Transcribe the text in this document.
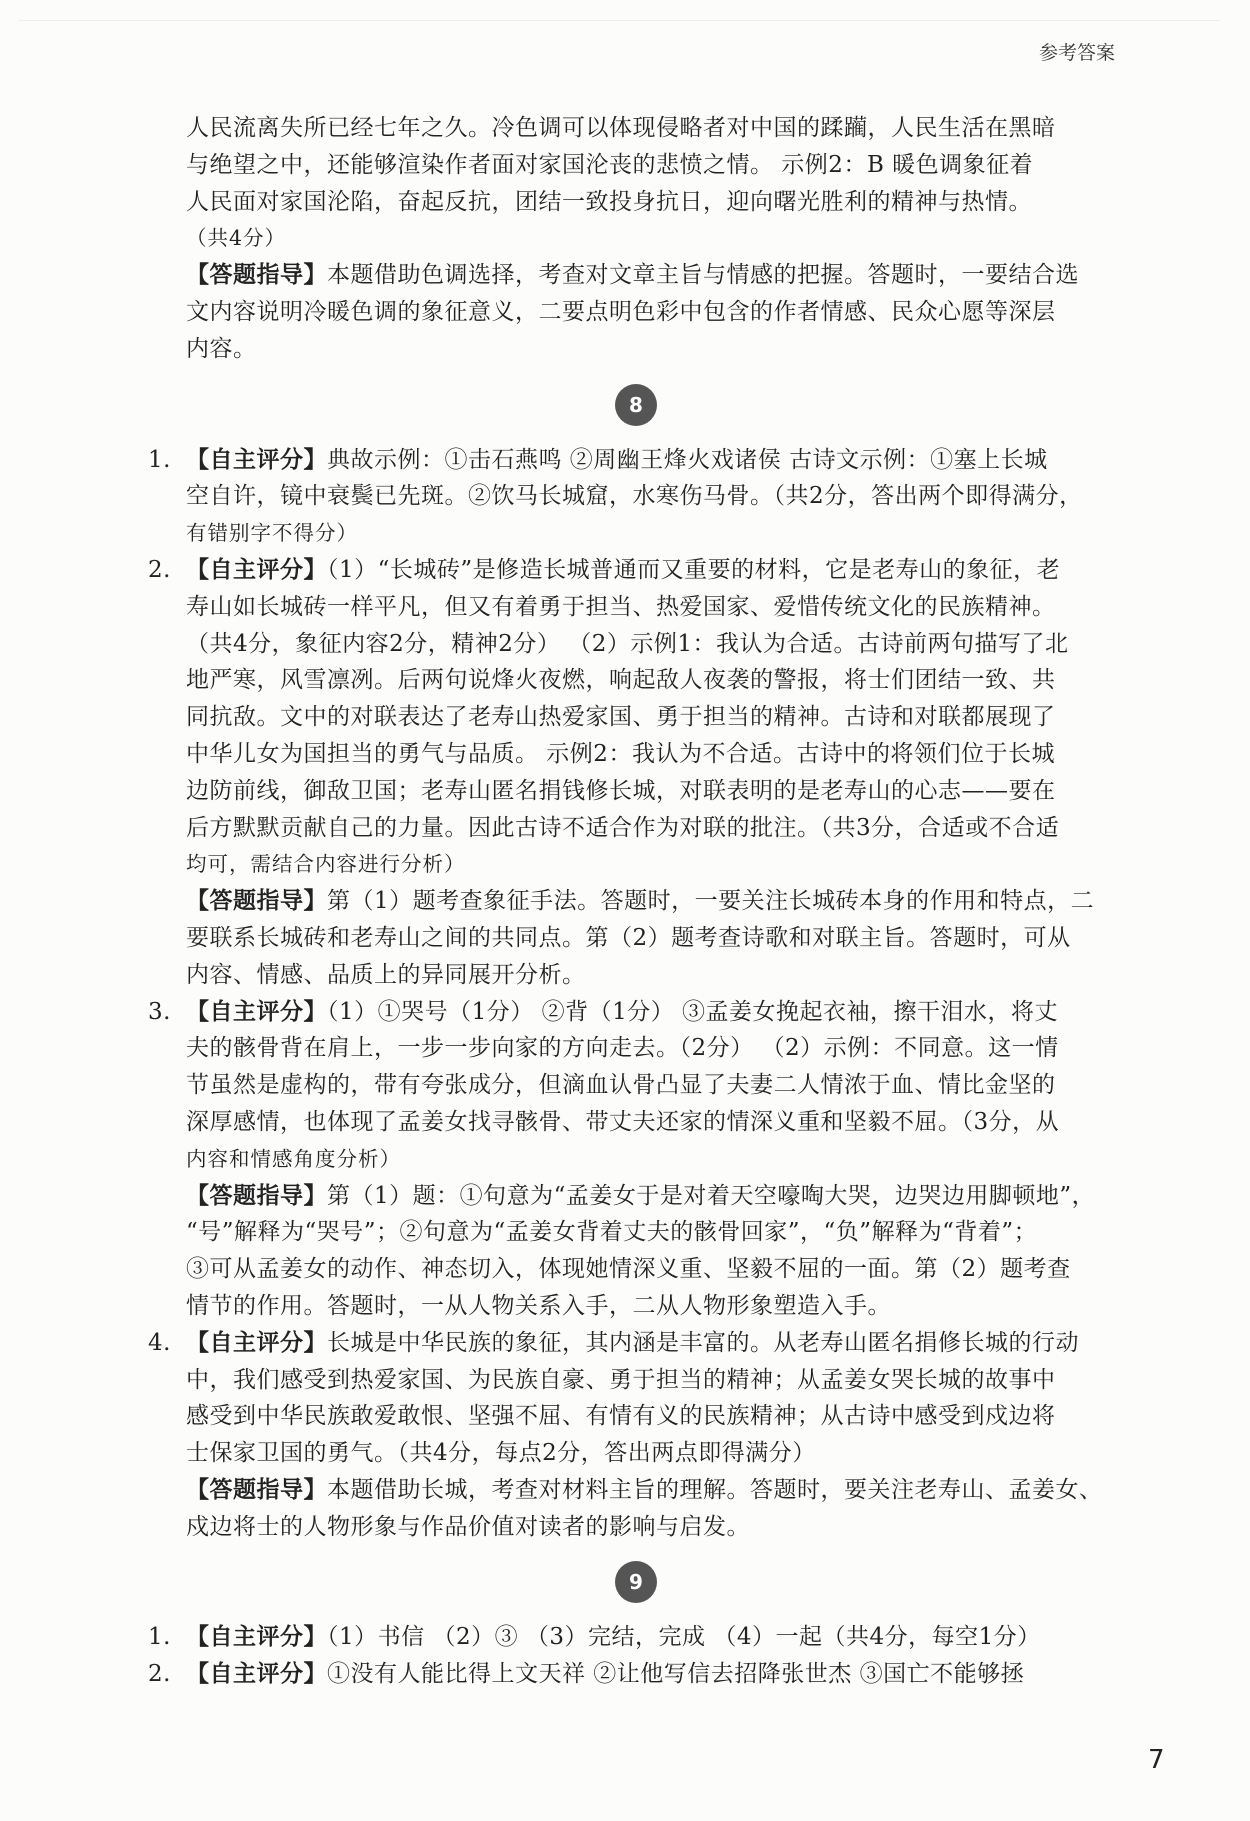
参考答案
人民流离失所已经七年之久。冷色调可以体现侵略者对中国的蹂躏，人民生活在黑暗
与绝望之中，还能够渲染作者面对家国沦丧的悲愤之情。 示例2：B 暖色调象征着
人民面对家国沦陷，奋起反抗，团结一致投身抗日，迎向曙光胜利的精神与热情。
（共4分）
【答题指导】本题借助色调选择，考查对文章主旨与情感的把握。答题时，一要结合选
文内容说明冷暖色调的象征意义，二要点明色彩中包含的作者情感、民众心愿等深层
内容。
8
1. 【自主评分】典故示例：①击石燕鸣 ②周幽王烽火戏诸侯 古诗文示例：①塞上长城
空自许，镜中衰鬓已先斑。②饮马长城窟，水寒伤马骨。（共2分，答出两个即得满分，
有错别字不得分）
2. 【自主评分】（1）“长城砖”是修造长城普通而又重要的材料，它是老寿山的象征，老
寿山如长城砖一样平凡，但又有着勇于担当、热爱国家、爱惜传统文化的民族精神。
（共4分，象征内容2分，精神2分） （2）示例1：我认为合适。古诗前两句描写了北
地严寒，风雪凛冽。后两句说烽火夜燃，响起敌人夜袭的警报，将士们团结一致、共
同抗敌。文中的对联表达了老寿山热爱家国、勇于担当的精神。古诗和对联都展现了
中华儿女为国担当的勇气与品质。 示例2：我认为不合适。古诗中的将领们位于长城
边防前线，御敌卫国；老寿山匿名捐钱修长城，对联表明的是老寿山的心志——要在
后方默默贡献自己的力量。因此古诗不适合作为对联的批注。（共3分，合适或不合适
均可，需结合内容进行分析）
【答题指导】第（1）题考查象征手法。答题时，一要关注长城砖本身的作用和特点，二
要联系长城砖和老寿山之间的共同点。第（2）题考查诗歌和对联主旨。答题时，可从
内容、情感、品质上的异同展开分析。
3. 【自主评分】（1）①哭号（1分） ②背（1分） ③孟姜女挽起衣袖，擦干泪水，将丈
夫的骸骨背在肩上，一步一步向家的方向走去。（2分） （2）示例：不同意。这一情
节虽然是虚构的，带有夸张成分，但滴血认骨凸显了夫妻二人情浓于血、情比金坚的
深厚感情，也体现了孟姜女找寻骸骨、带丈夫还家的情深义重和坚毅不屈。（3分，从
内容和情感角度分析）
【答题指导】第（1）题：①句意为“孟姜女于是对着天空嚎啕大哭，边哭边用脚顿地”，
“号”解释为“哭号”；②句意为“孟姜女背着丈夫的骸骨回家”，“负”解释为“背着”；
③可从孟姜女的动作、神态切入，体现她情深义重、坚毅不屈的一面。第（2）题考查
情节的作用。答题时，一从人物关系入手，二从人物形象塑造入手。
4. 【自主评分】长城是中华民族的象征，其内涵是丰富的。从老寿山匿名捐修长城的行动
中，我们感受到热爱家国、为民族自豪、勇于担当的精神；从孟姜女哭长城的故事中
感受到中华民族敢爱敢恨、坚强不屈、有情有义的民族精神；从古诗中感受到戍边将
士保家卫国的勇气。（共4分，每点2分，答出两点即得满分）
【答题指导】本题借助长城，考查对材料主旨的理解。答题时，要关注老寿山、孟姜女、
戍边将士的人物形象与作品价值对读者的影响与启发。
9
1. 【自主评分】（1）书信 （2）③ （3）完结，完成 （4）一起（共4分，每空1分）
2. 【自主评分】①没有人能比得上文天祥 ②让他写信去招降张世杰 ③国亡不能够拯
7
